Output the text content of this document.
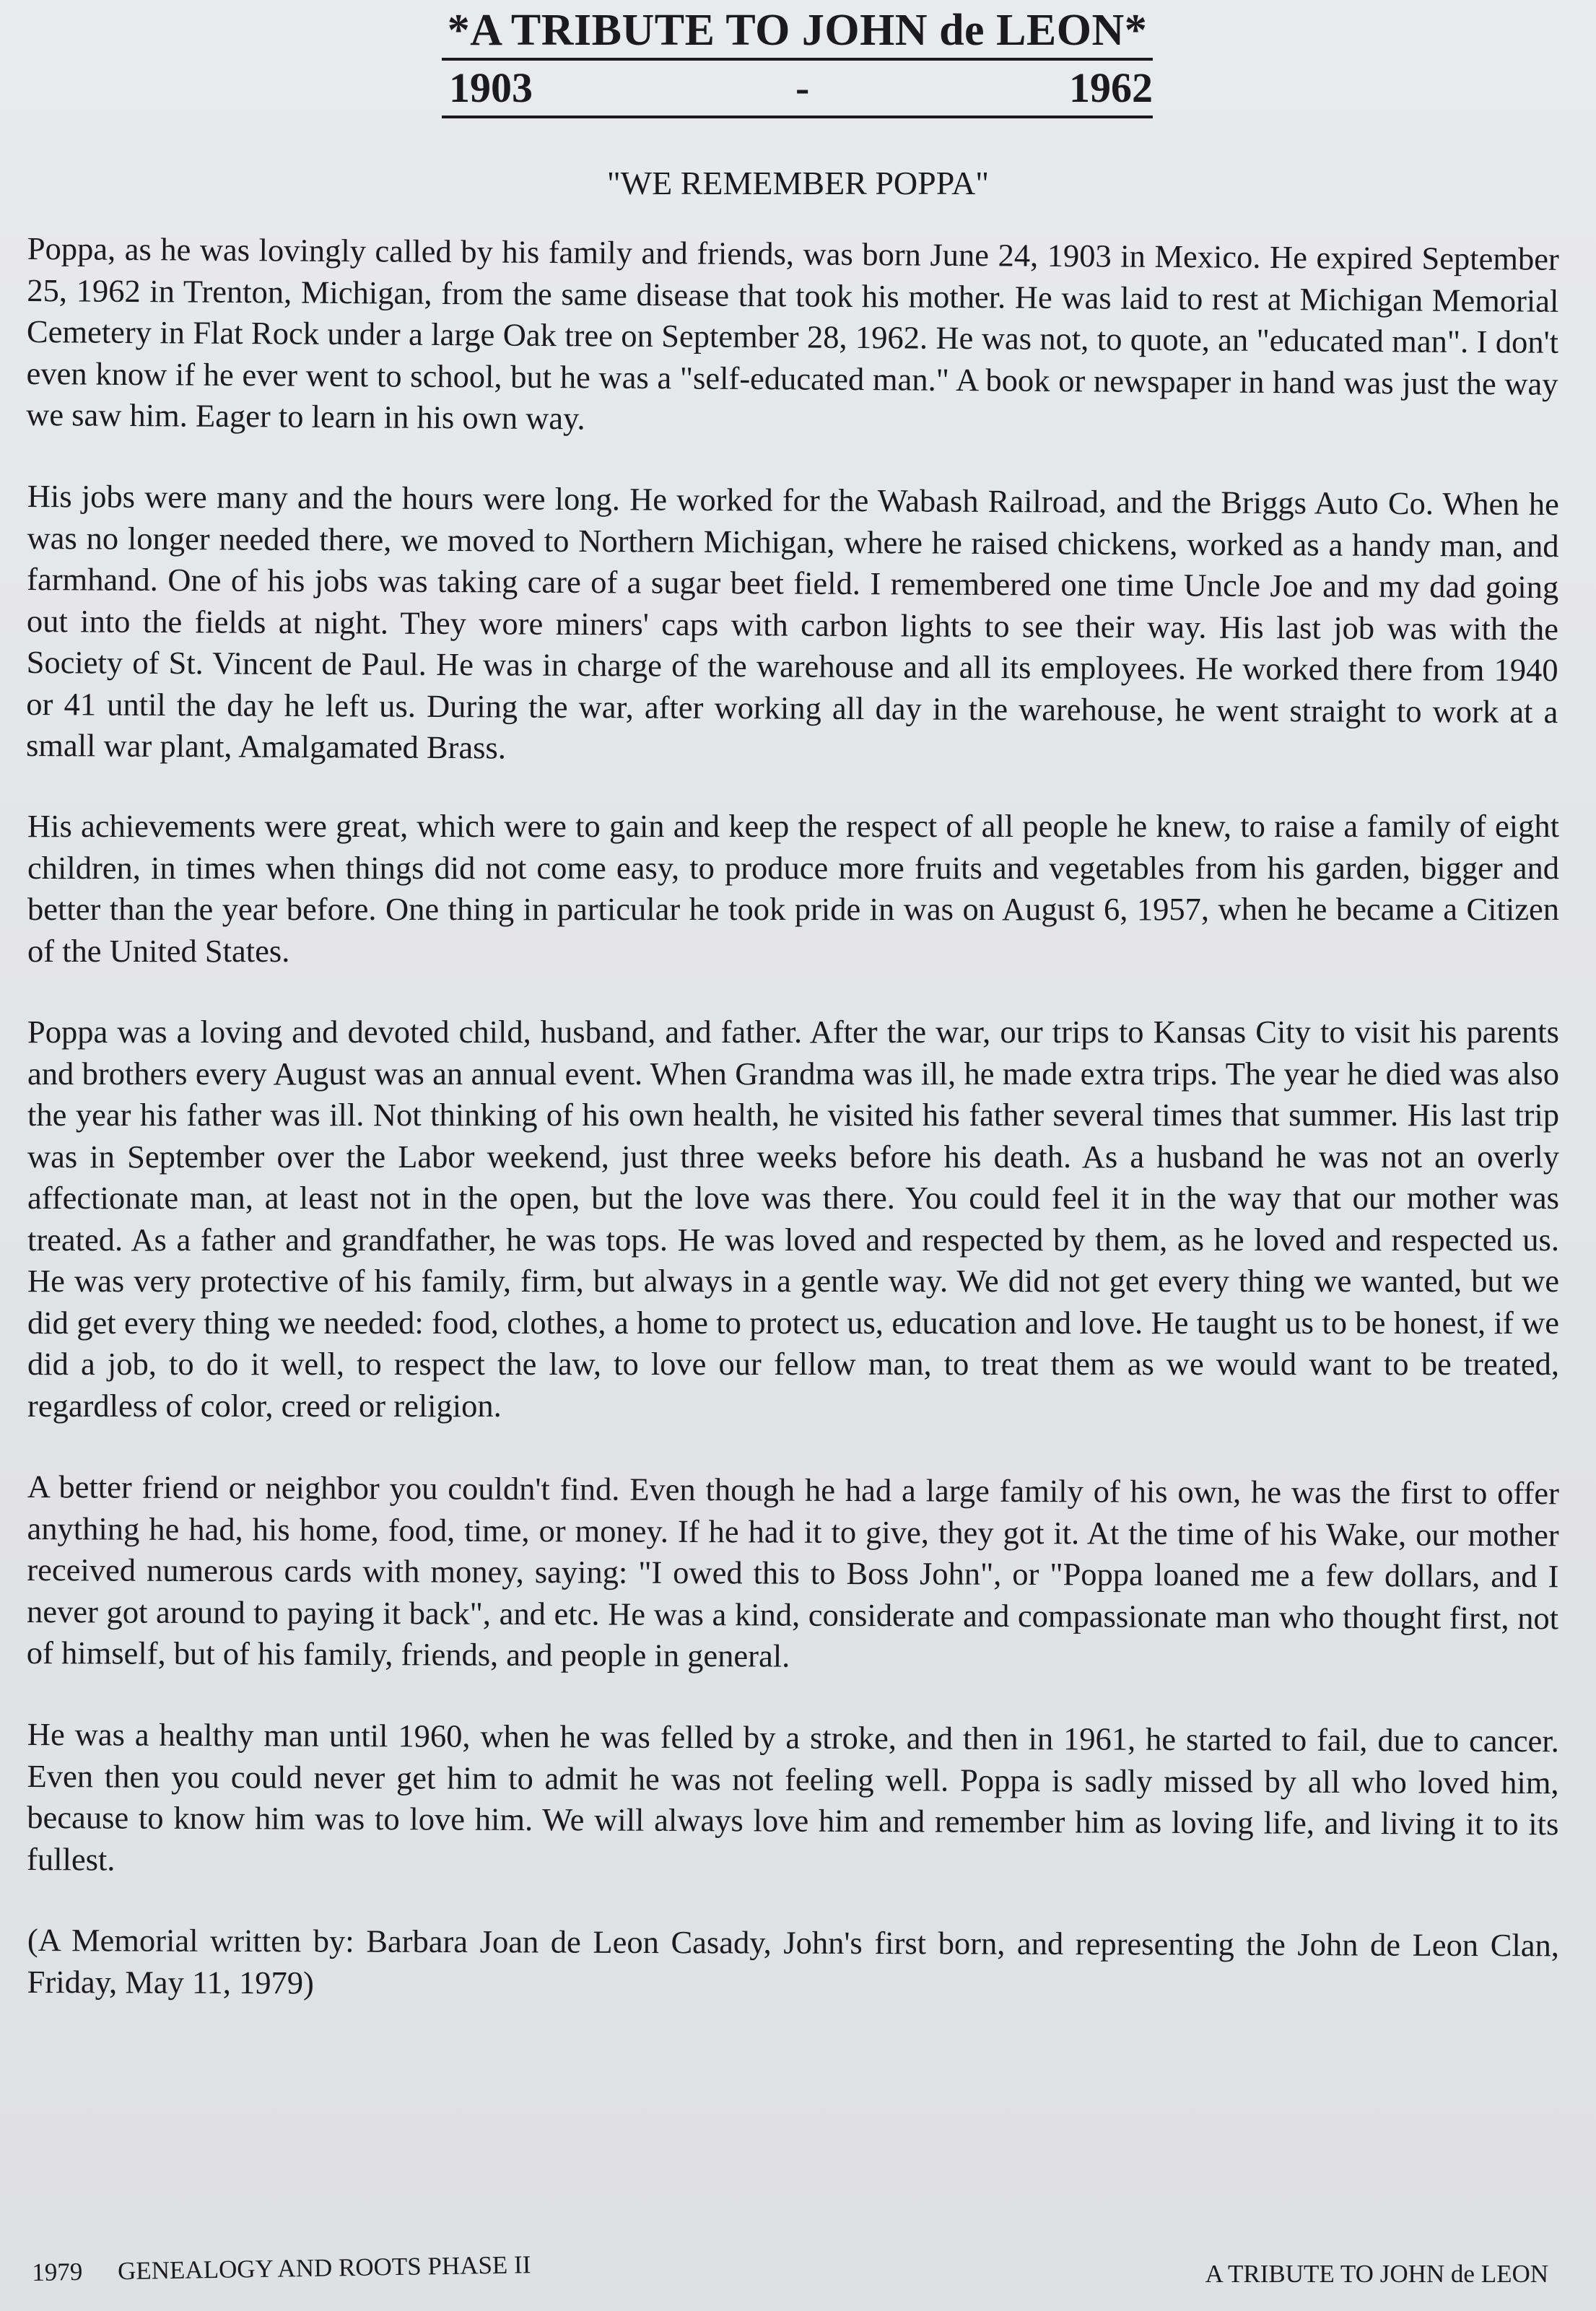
*A TRIBUTE TO JOHN de LEON*
1903	-	1962
"WE REMEMBER POPPA"

Poppa, as he was lovingly called by his family and friends, was born June 24, 1903 in Mexico. He expired September 25, 1962 in Trenton, Michigan, from the same disease that took his mother. He was laid to rest at Michigan Memorial Cemetery in Flat Rock under a large Oak tree on September 28, 1962. He was not, to quote, an "educated man". I don't even know if he ever went to school, but he was a "self-educated man." A book or newspaper in hand was just the way we saw him. Eager to learn in his own way.

His jobs were many and the hours were long. He worked for the Wabash Railroad, and the Briggs Auto Co. When he was no longer needed there, we moved to Northern Michigan, where he raised chickens, worked as a handy man, and farmhand. One of his jobs was taking care of a sugar beet field. I remembered one time Uncle Joe and my dad going out into the fields at night. They wore miners' caps with carbon lights to see their way. His last job was with the Society of St. Vincent de Paul. He was in charge of the warehouse and all its employees. He worked there from 1940 or 41 until the day he left us. During the war, after working all day in the warehouse, he went straight to work at a small war plant, Amalgamated Brass.

His achievements were great, which were to gain and keep the respect of all people he knew, to raise a family of eight children, in times when things did not come easy, to produce more fruits and vegetables from his garden, bigger and better than the year before. One thing in particular he took pride in was on August 6, 1957, when he became a Citizen of the United States.

Poppa was a loving and devoted child, husband, and father. After the war, our trips to Kansas City to visit his parents and brothers every August was an annual event. When Grandma was ill, he made extra trips. The year he died was also the year his father was ill. Not thinking of his own health, he visited his father several times that summer. His last trip was in September over the Labor weekend, just three weeks before his death. As a husband he was not an overly affectionate man, at least not in the open, but the love was there. You could feel it in the way that our mother was treated. As a father and grandfather, he was tops. He was loved and respected by them, as he loved and respected us. He was very protective of his family, firm, but always in a gentle way. We did not get every thing we wanted, but we did get every thing we needed: food, clothes, a home to protect us, education and love. He taught us to be honest, if we did a job, to do it well, to respect the law, to love our fellow man, to treat them as we would want to be treated, regardless of color, creed or religion.

A better friend or neighbor you couldn't find. Even though he had a large family of his own, he was the first to offer anything he had, his home, food, time, or money. If he had it to give, they got it. At the time of his Wake, our mother received numerous cards with money, saying: "I owed this to Boss John", or "Poppa loaned me a few dollars, and I never got around to paying it back", and etc. He was a kind, considerate and compassionate man who thought first, not of himself, but of his family, friends, and people in general.

He was a healthy man until 1960, when he was felled by a stroke, and then in 1961, he started to fail, due to cancer. Even then you could never get him to admit he was not feeling well. Poppa is sadly missed by all who loved him, because to know him was to love him. We will always love him and remember him as loving life, and living it to its fullest.

(A Memorial written by: Barbara Joan de Leon Casady, John's first born, and representing the John de Leon Clan, Friday, May 11, 1979)

1979 GENEALOGY AND ROOTS PHASE II	A TRIBUTE TO JOHN de LEON
